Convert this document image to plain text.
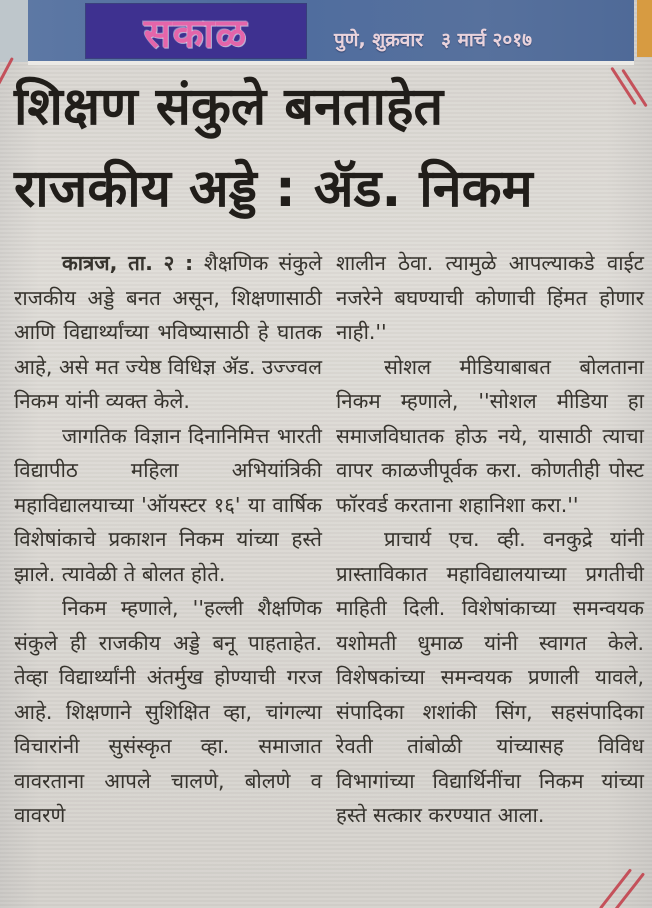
सकाळ	पुणे, शुक्रवार ३ मार्च २०१७
शिक्षण संकुले बनताहेत
राजकीय अड्डे : ॲड. निकम

कात्रज, ता. २ : शैक्षणिक संकुले राजकीय अड्डे बनत असून, शिक्षणासाठी आणि विद्यार्थ्यांच्या भविष्यासाठी हे घातक आहे, असे मत ज्येष्ठ विधिज्ञ ॲड. उज्ज्वल निकम यांनी व्यक्त केले.

जागतिक विज्ञान दिनानिमित्त भारती विद्यापीठ महिला अभियांत्रिकी महाविद्यालयाच्या 'ऑयस्टर १६' या वार्षिक विशेषांकाचे प्रकाशन निकम यांच्या हस्ते झाले. त्यावेळी ते बोलत होते.

निकम म्हणाले, ''हल्ली शैक्षणिक संकुले ही राजकीय अड्डे बनू पाहताहेत. तेव्हा विद्यार्थ्यांनी अंतर्मुख होण्याची गरज आहे. शिक्षणाने सुशिक्षित व्हा, चांगल्या विचारांनी सुसंस्कृत व्हा. समाजात वावरताना आपले चालणे, बोलणे व वावरणे

शालीन ठेवा. त्यामुळे आपल्याकडे वाईट नजरेने बघण्याची कोणाची हिंमत होणार नाही.''

सोशल मीडियाबाबत बोलताना निकम म्हणाले, ''सोशल मीडिया हा समाजविघातक होऊ नये, यासाठी त्याचा वापर काळजीपूर्वक करा. कोणतीही पोस्ट फॉरवर्ड करताना शहानिशा करा.''

प्राचार्य एच. व्ही. वनकुद्रे यांनी प्रास्ताविकात महाविद्यालयाच्या प्रगतीची माहिती दिली. विशेषांकाच्या समन्वयक यशोमती धुमाळ यांनी स्वागत केले. विशेषकांच्या समन्वयक प्रणाली यावले, संपादिका शशांकी सिंग, सहसंपादिका रेवती तांबोळी यांच्यासह विविध विभागांच्या विद्यार्थिनींचा निकम यांच्या हस्ते सत्कार करण्यात आला.
